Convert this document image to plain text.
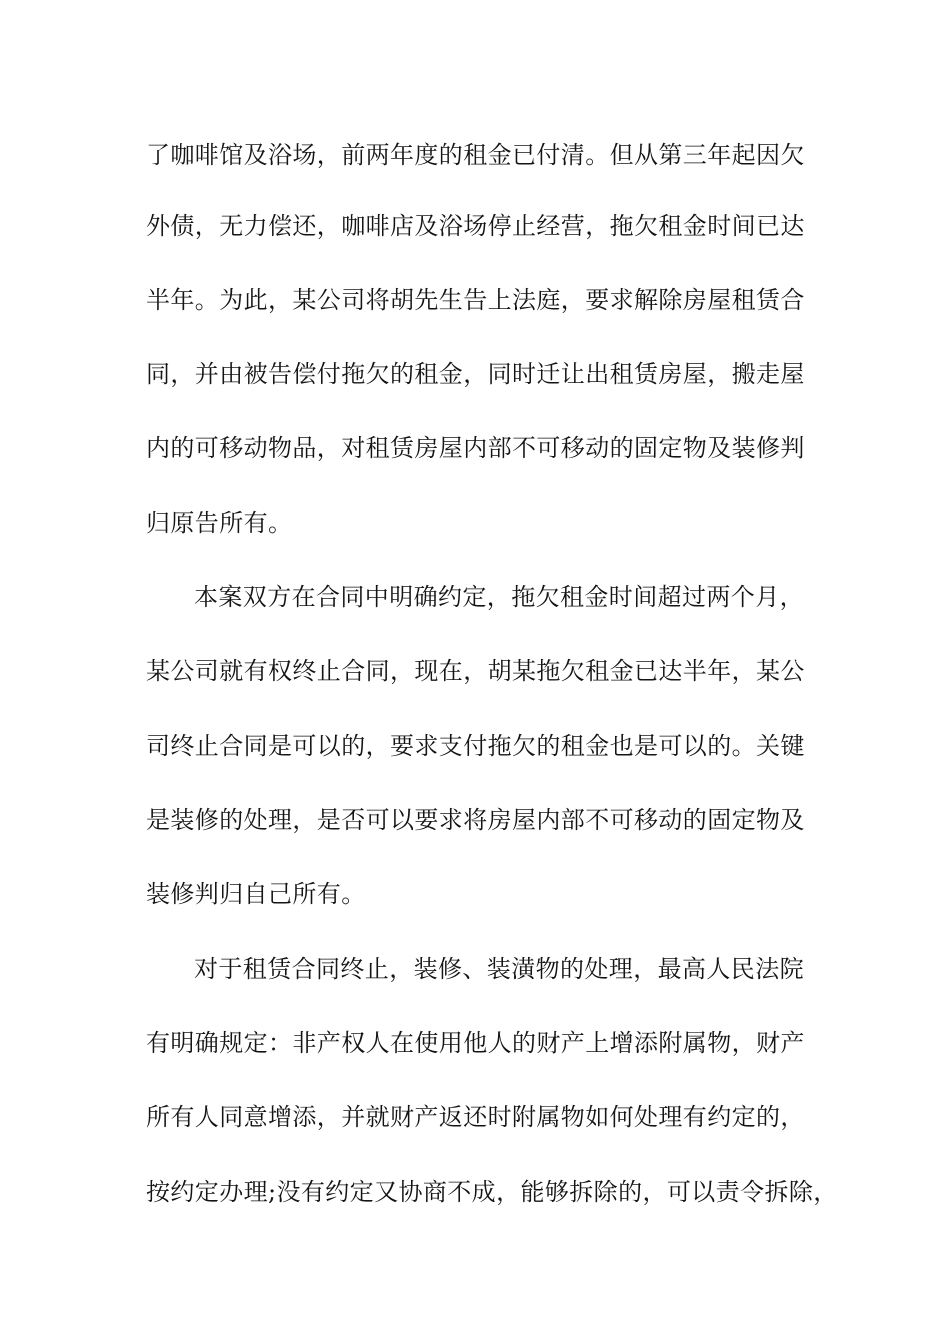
了咖啡馆及浴场，前两年度的租金已付清。但从第三年起因欠
外债，无力偿还，咖啡店及浴场停止经营，拖欠租金时间已达
半年。为此，某公司将胡先生告上法庭，要求解除房屋租赁合
同，并由被告偿付拖欠的租金，同时迁让出租赁房屋，搬走屋
内的可移动物品，对租赁房屋内部不可移动的固定物及装修判
归原告所有。
本案双方在合同中明确约定，拖欠租金时间超过两个月，
某公司就有权终止合同，现在，胡某拖欠租金已达半年，某公
司终止合同是可以的，要求支付拖欠的租金也是可以的。关键
是装修的处理，是否可以要求将房屋内部不可移动的固定物及
装修判归自己所有。
对于租赁合同终止，装修、装潢物的处理，最高人民法院
有明确规定：非产权人在使用他人的财产上增添附属物，财产
所有人同意增添，并就财产返还时附属物如何处理有约定的，
按约定办理;没有约定又协商不成，能够拆除的，可以责令拆除，
